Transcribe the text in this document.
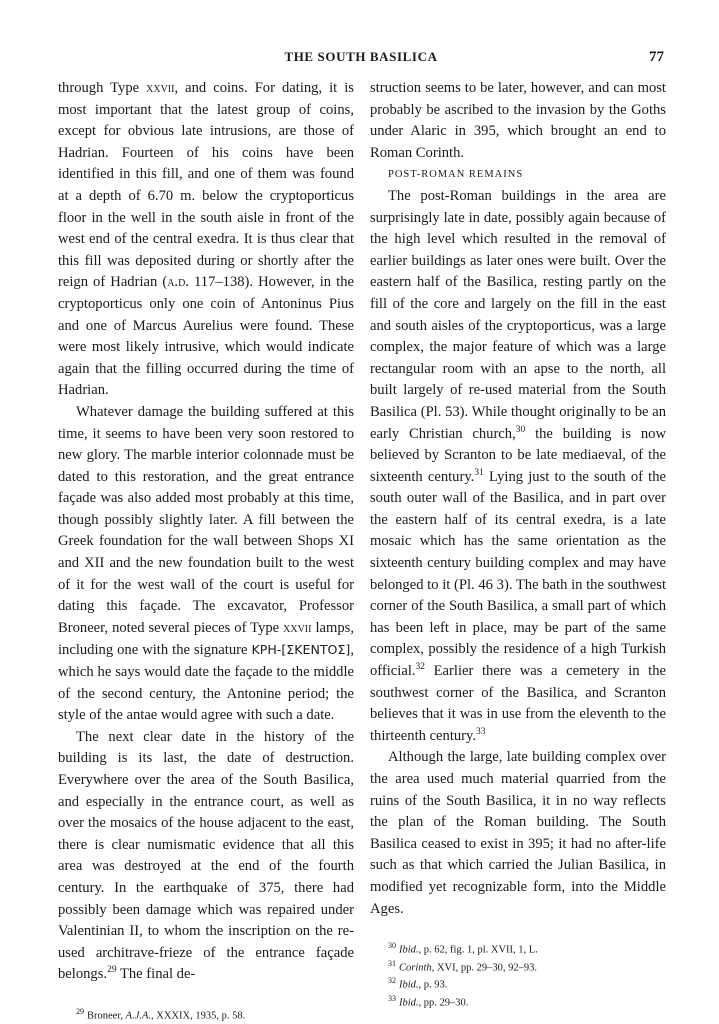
THE SOUTH BASILICA	77

through Type xxvii, and coins. For dating, it is most important that the latest group of coins, except for obvious late intrusions, are those of Hadrian. Fourteen of his coins have been identified in this fill, and one of them was found at a depth of 6.70 m. below the cryptoporticus floor in the well in the south aisle in front of the west end of the central exedra. It is thus clear that this fill was deposited during or shortly after the reign of Hadrian (a.d. 117–138). However, in the cryptoporticus only one coin of Antoninus Pius and one of Marcus Aurelius were found. These were most likely intrusive, which would indicate again that the filling occurred during the time of Hadrian.

Whatever damage the building suffered at this time, it seems to have been very soon restored to new glory. The marble interior colonnade must be dated to this restoration, and the great entrance façade was also added most probably at this time, though possibly slightly later. A fill between the Greek foundation for the wall between Shops XI and XII and the new foundation built to the west of it for the west wall of the court is useful for dating this façade. The excavator, Professor Broneer, noted several pieces of Type xxvii lamps, including one with the signature KPH-[ΣKENTOΣ], which he says would date the façade to the middle of the second century, the Antonine period; the style of the antae would agree with such a date.

The next clear date in the history of the building is its last, the date of destruction. Everywhere over the area of the South Basilica, and especially in the entrance court, as well as over the mosaics of the house adjacent to the east, there is clear numismatic evidence that all this area was destroyed at the end of the fourth century. In the earthquake of 375, there had possibly been damage which was repaired under Valentinian II, to whom the inscription on the re-used architrave-frieze of the entrance façade belongs.$^{29}$ The final de-

$^{29}$ Broneer, A.J.A., XXXIX, 1935, p. 58.

struction seems to be later, however, and can most probably be ascribed to the invasion by the Goths under Alaric in 395, which brought an end to Roman Corinth.

POST-ROMAN REMAINS

The post-Roman buildings in the area are surprisingly late in date, possibly again because of the high level which resulted in the removal of earlier buildings as later ones were built. Over the eastern half of the Basilica, resting partly on the fill of the core and largely on the fill in the east and south aisles of the cryptoporticus, was a large complex, the major feature of which was a large rectangular room with an apse to the north, all built largely of re-used material from the South Basilica (Pl. 53). While thought originally to be an early Christian church,$^{30}$ the building is now believed by Scranton to be late mediaeval, of the sixteenth century.$^{31}$ Lying just to the south of the south outer wall of the Basilica, and in part over the eastern half of its central exedra, is a late mosaic which has the same orientation as the sixteenth century building complex and may have belonged to it (Pl. 46 3). The bath in the southwest corner of the South Basilica, a small part of which has been left in place, may be part of the same complex, possibly the residence of a high Turkish official.$^{32}$ Earlier there was a cemetery in the southwest corner of the Basilica, and Scranton believes that it was in use from the eleventh to the thirteenth century.$^{33}$

Although the large, late building complex over the area used much material quarried from the ruins of the South Basilica, it in no way reflects the plan of the Roman building. The South Basilica ceased to exist in 395; it had no after-life such as that which carried the Julian Basilica, in modified yet recognizable form, into the Middle Ages.

$^{30}$ Ibid., p. 62, fig. 1, pl. XVII, 1, L.
$^{31}$ Corinth, XVI, pp. 29–30, 92–93.
$^{32}$ Ibid., p. 93.
$^{33}$ Ibid., pp. 29–30.
